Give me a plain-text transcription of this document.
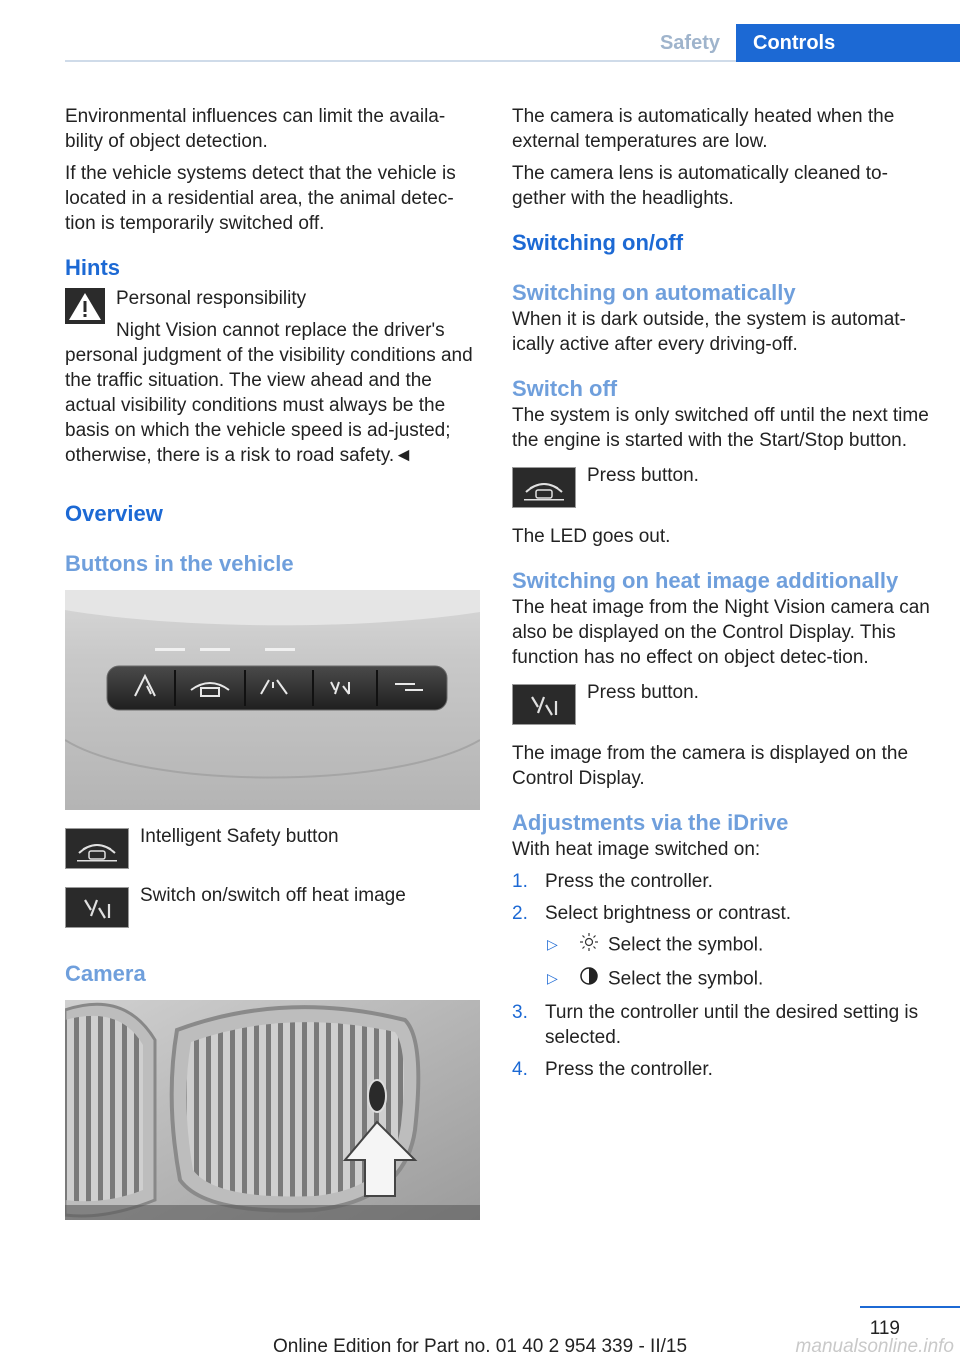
Safety	Controls

Environmental influences can limit the availa-bility of object detection.

If the vehicle systems detect that the vehicle is located in a residential area, the animal detec-tion is temporarily switched off.

Hints
Personal responsibility
Night Vision cannot replace the driver's personal judgment of the visibility conditions and the traffic situation. The view ahead and the actual visibility conditions must always be the basis on which the vehicle speed is ad-justed; otherwise, there is a risk to road safety.◄
Overview
Buttons in the vehicle
Intelligent Safety button
Switch on/switch off heat image
Camera

The camera is automatically heated when the external temperatures are low.

The camera lens is automatically cleaned to-gether with the headlights.

Switching on/off
Switching on automatically

When it is dark outside, the system is automat-ically active after every driving-off.

Switch off

The system is only switched off until the next time the engine is started with the Start/Stop button.

Press button.

The LED goes out.

Switching on heat image additionally

The heat image from the Night Vision camera can also be displayed on the Control Display. This function has no effect on object detec-tion.

Press button.

The image from the camera is displayed on the Control Display.

Adjustments via the iDrive

With heat image switched on:

1. Press the controller.
2. Select brightness or contrast.
▷	Select the symbol.
▷	Select the symbol.
3. Turn the controller until the desired setting is selected.
4. Press the controller.
119
Online Edition for Part no. 01 40 2 954 339 - II/15	manualsonline.info
